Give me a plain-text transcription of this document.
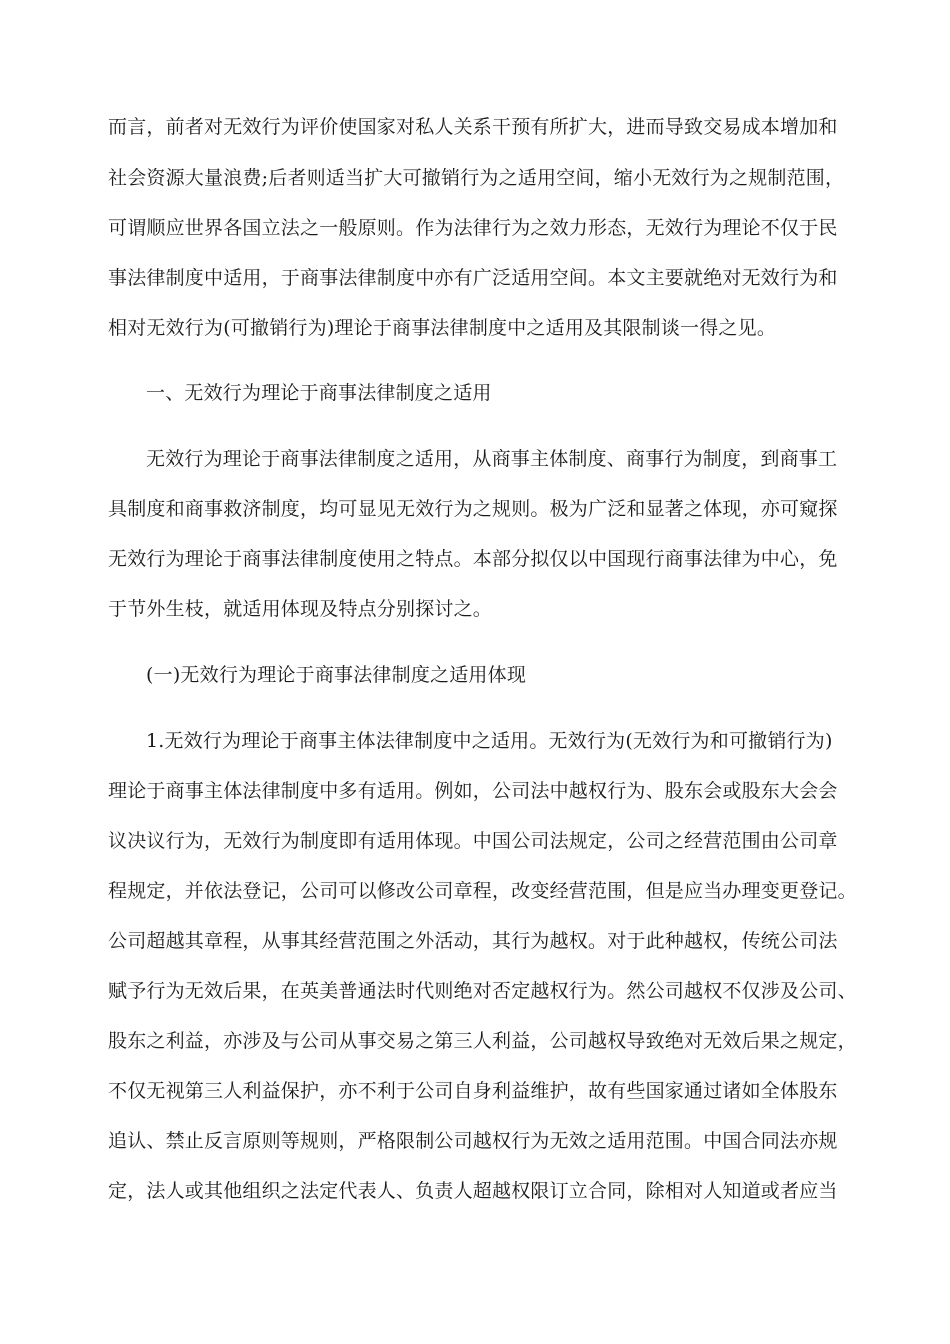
而言，前者对无效行为评价使国家对私人关系干预有所扩大，进而导致交易成本增加和
社会资源大量浪费;后者则适当扩大可撤销行为之适用空间，缩小无效行为之规制范围，
可谓顺应世界各国立法之一般原则。作为法律行为之效力形态，无效行为理论不仅于民
事法律制度中适用，于商事法律制度中亦有广泛适用空间。本文主要就绝对无效行为和
相对无效行为(可撤销行为)理论于商事法律制度中之适用及其限制谈一得之见。
一、无效行为理论于商事法律制度之适用
无效行为理论于商事法律制度之适用，从商事主体制度、商事行为制度，到商事工
具制度和商事救济制度，均可显见无效行为之规则。极为广泛和显著之体现，亦可窥探
无效行为理论于商事法律制度使用之特点。本部分拟仅以中国现行商事法律为中心，免
于节外生枝，就适用体现及特点分别探讨之。
(一)无效行为理论于商事法律制度之适用体现
1.无效行为理论于商事主体法律制度中之适用。无效行为(无效行为和可撤销行为)
理论于商事主体法律制度中多有适用。例如，公司法中越权行为、股东会或股东大会会
议决议行为，无效行为制度即有适用体现。中国公司法规定，公司之经营范围由公司章
程规定，并依法登记，公司可以修改公司章程，改变经营范围，但是应当办理变更登记。
公司超越其章程，从事其经营范围之外活动，其行为越权。对于此种越权，传统公司法
赋予行为无效后果，在英美普通法时代则绝对否定越权行为。然公司越权不仅涉及公司、
股东之利益，亦涉及与公司从事交易之第三人利益，公司越权导致绝对无效后果之规定，
不仅无视第三人利益保护，亦不利于公司自身利益维护，故有些国家通过诸如全体股东
追认、禁止反言原则等规则，严格限制公司越权行为无效之适用范围。中国合同法亦规
定，法人或其他组织之法定代表人、负责人超越权限订立合同，除相对人知道或者应当
